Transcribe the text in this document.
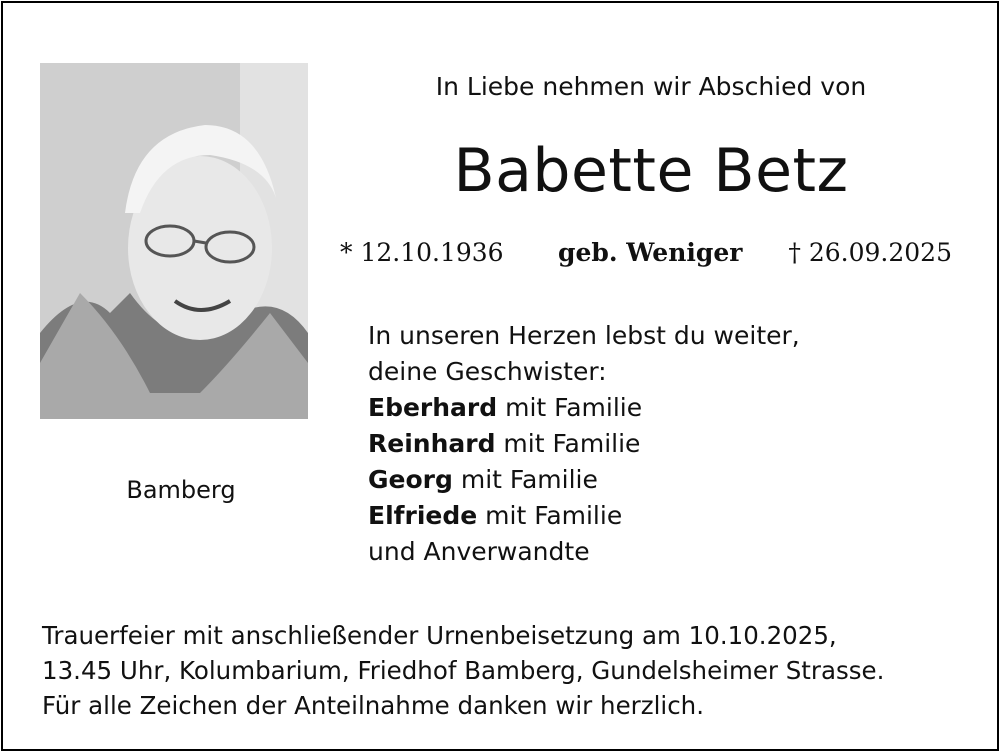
Bamberg
In Liebe nehmen wir Abschied von
Babette Betz
* 12.10.1936 geb. Weniger † 26.09.2025
In unseren Herzen lebst du weiter,
deine Geschwister:
Eberhard mit Familie
Reinhard mit Familie
Georg mit Familie
Elfriede mit Familie
und Anverwandte
Trauerfeier mit anschließender Urnenbeisetzung am 10.10.2025,
13.45 Uhr, Kolumbarium, Friedhof Bamberg, Gundelsheimer Strasse.
Für alle Zeichen der Anteilnahme danken wir herzlich.
